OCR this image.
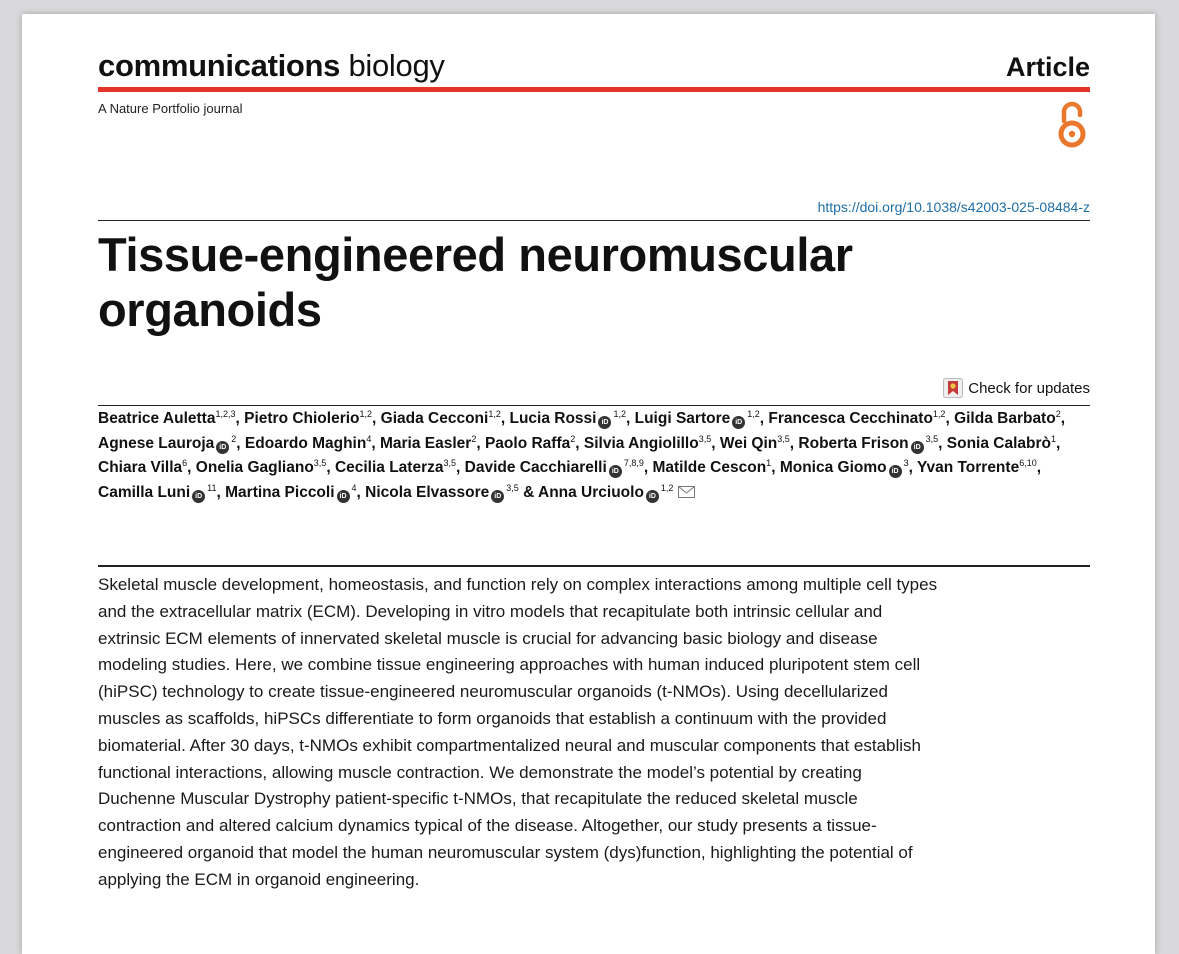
communications biology	Article
A Nature Portfolio journal
https://doi.org/10.1038/s42003-025-08484-z
Tissue-engineered neuromuscular organoids
Check for updates
Beatrice Auletta$^{1,2,3}$, Pietro Chiolerio$^{1,2}$, Giada Cecconi$^{1,2}$, Lucia Rossi iD$^{1,2}$, Luigi Sartore iD$^{1,2}$, Francesca Cecchinato$^{1,2}$, Gilda Barbato$^2$, Agnese Lauroja $iD^2$, Edoardo Maghin$^4$, Maria Easler$^2$, Paolo Raffa$^2$, Silvia Angiolillo$^{3,5}$, Wei Qin$^{3,5}$, Roberta Frison iD$^{3,5}$, Sonia Calabrò$^1$, Chiara Villa$^6$, Onelia Gagliano$^{3,5}$, Cecilia Laterza$^{3,5}$, Davide Cacchiarelli iD$^{7,8,9}$, Matilde Cescon$^1$, Monica Giomo $iD^3$, Yvan Torrente$^{6,10}$, Camilla Luni $iD^{11}$, Martina Piccoli $iD^4$, Nicola Elvassore iD$^{3,5}$ & Anna Urciuolo iD$^{1,2}$

Skeletal muscle development, homeostasis, and function rely on complex interactions among multiple cell types and the extracellular matrix (ECM). Developing in vitro models that recapitulate both intrinsic cellular and extrinsic ECM elements of innervated skeletal muscle is crucial for advancing basic biology and disease modeling studies. Here, we combine tissue engineering approaches with human induced pluripotent stem cell (hiPSC) technology to create tissue-engineered neuromuscular organoids (t-NMOs). Using decellularized muscles as scaffolds, hiPSCs differentiate to form organoids that establish a continuum with the provided biomaterial. After 30 days, t-NMOs exhibit compartmentalized neural and muscular components that establish functional interactions, allowing muscle contraction. We demonstrate the model’s potential by creating Duchenne Muscular Dystrophy patient-specific t-NMOs, that recapitulate the reduced skeletal muscle contraction and altered calcium dynamics typical of the disease. Altogether, our study presents a tissue-engineered organoid that model the human neuromuscular system (dys)function, highlighting the potential of applying the ECM in organoid engineering.
